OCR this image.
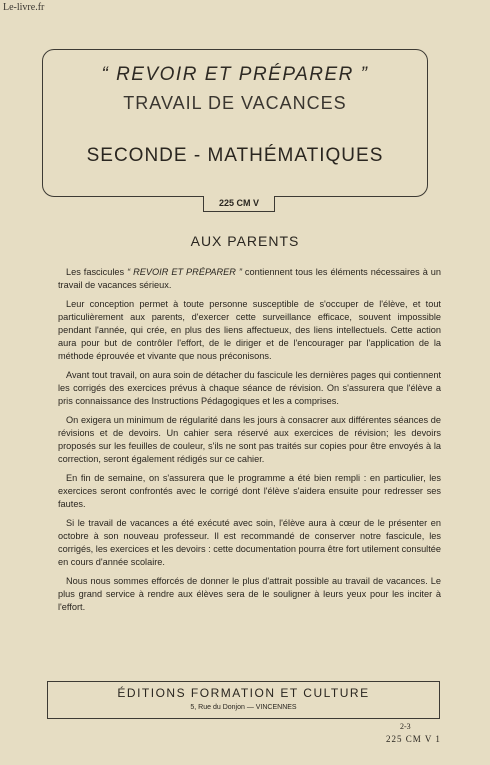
Le-livre.fr
“ REVOIR ET PRÉPARER ”
TRAVAIL DE VACANCES
SECONDE - MATHÉMATIQUES
225 CM V
AUX PARENTS

Les fascicules “ REVOIR ET PRÉPARER ” contiennent tous les éléments nécessaires à un travail de vacances sérieux.

Leur conception permet à toute personne susceptible de s'occuper de l'élève, et tout particulièrement aux parents, d'exercer cette surveillance efficace, souvent impossible pendant l'année, qui crée, en plus des liens affectueux, des liens intellectuels. Cette action aura pour but de contrôler l'effort, de le diriger et de l'encourager par l'application de la méthode éprouvée et vivante que nous préconisons.

Avant tout travail, on aura soin de détacher du fascicule les dernières pages qui contiennent les corrigés des exercices prévus à chaque séance de révision. On s'assurera que l'élève a pris connaissance des Instructions Pédagogiques et les a comprises.

On exigera un minimum de régularité dans les jours à consacrer aux différentes séances de révisions et de devoirs. Un cahier sera réservé aux exercices de révision; les devoirs proposés sur les feuilles de couleur, s'ils ne sont pas traités sur copies pour être envoyés à la correction, seront également rédigés sur ce cahier.

En fin de semaine, on s'assurera que le programme a été bien rempli : en particulier, les exercices seront confrontés avec le corrigé dont l'élève s'aidera ensuite pour redresser ses fautes.

Si le travail de vacances a été exécuté avec soin, l'élève aura à cœur de le présenter en octobre à son nouveau professeur. Il est recommandé de conserver notre fascicule, les corrigés, les exercices et les devoirs : cette documentation pourra être fort utilement consultée en cours d'année scolaire.

Nous nous sommes efforcés de donner le plus d'attrait possible au travail de vacances. Le plus grand service à rendre aux élèves sera de le souligner à leurs yeux pour les inciter à l'effort.

ÉDITIONS FORMATION ET CULTURE
5, Rue du Donjon — VINCENNES
2-3
225 CM V 1
